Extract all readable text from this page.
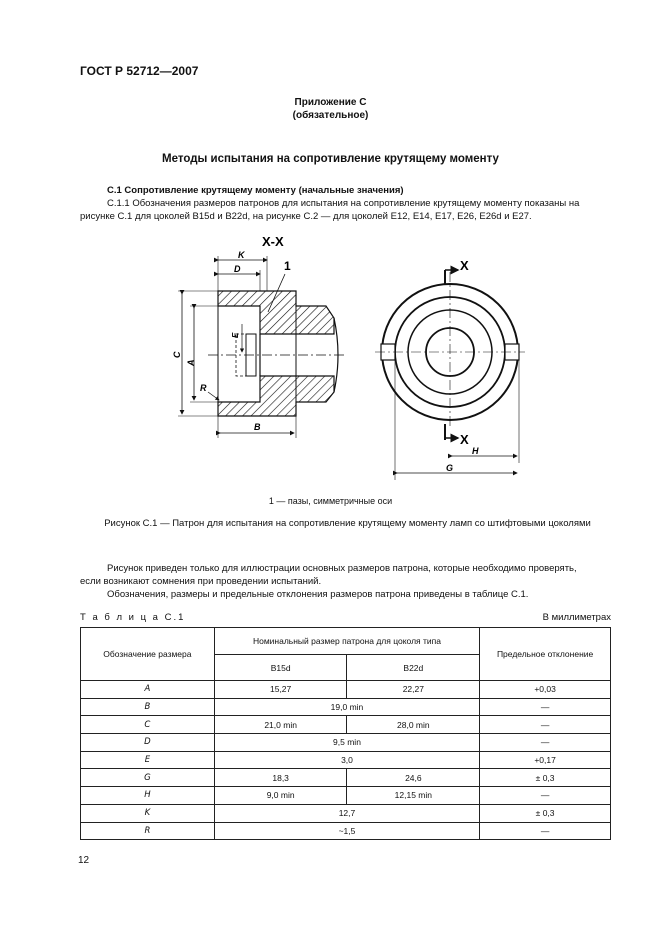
ГОСТ Р 52712—2007
Приложение С
(обязательное)
Методы испытания на сопротивление крутящему моменту
С.1 Сопротивление крутящему моменту (начальные значения)
С.1.1 Обозначения размеров патронов для испытания на сопротивление крутящему моменту показаны на
рисунке С.1 для цоколей B15d и B22d, на рисунке С.2 — для цоколей E12, E14, E17, E26, E26d и E27.
X-X
K
D	1
E
C
A
R
B
X
X
H
G
1 — пазы, симметричные оси
Рисунок С.1 — Патрон для испытания на сопротивление крутящему моменту ламп со штифтовыми цоколями
Рисунок приведен только для иллюстрации основных размеров патрона, которые необходимо проверять,
если возникают сомнения при проведении испытаний.
Обозначения, размеры и предельные отклонения размеров патрона приведены в таблице С.1.
Т а б л и ц а С.1	В миллиметрах
Обозначение размера	Номинальный размер патрона для цоколя типа		Предельное отклонение
	B15d	B22d	
A	15,27	22,27	+0,03
B	19,0 min		—
C	21,0 min	28,0 min	—
D	9,5 min		—
E	3,0		+0,17
G	18,3	24,6	± 0,3
H	9,0 min	12,15 min	—
K	12,7		± 0,3
R	~1,5		—
12
